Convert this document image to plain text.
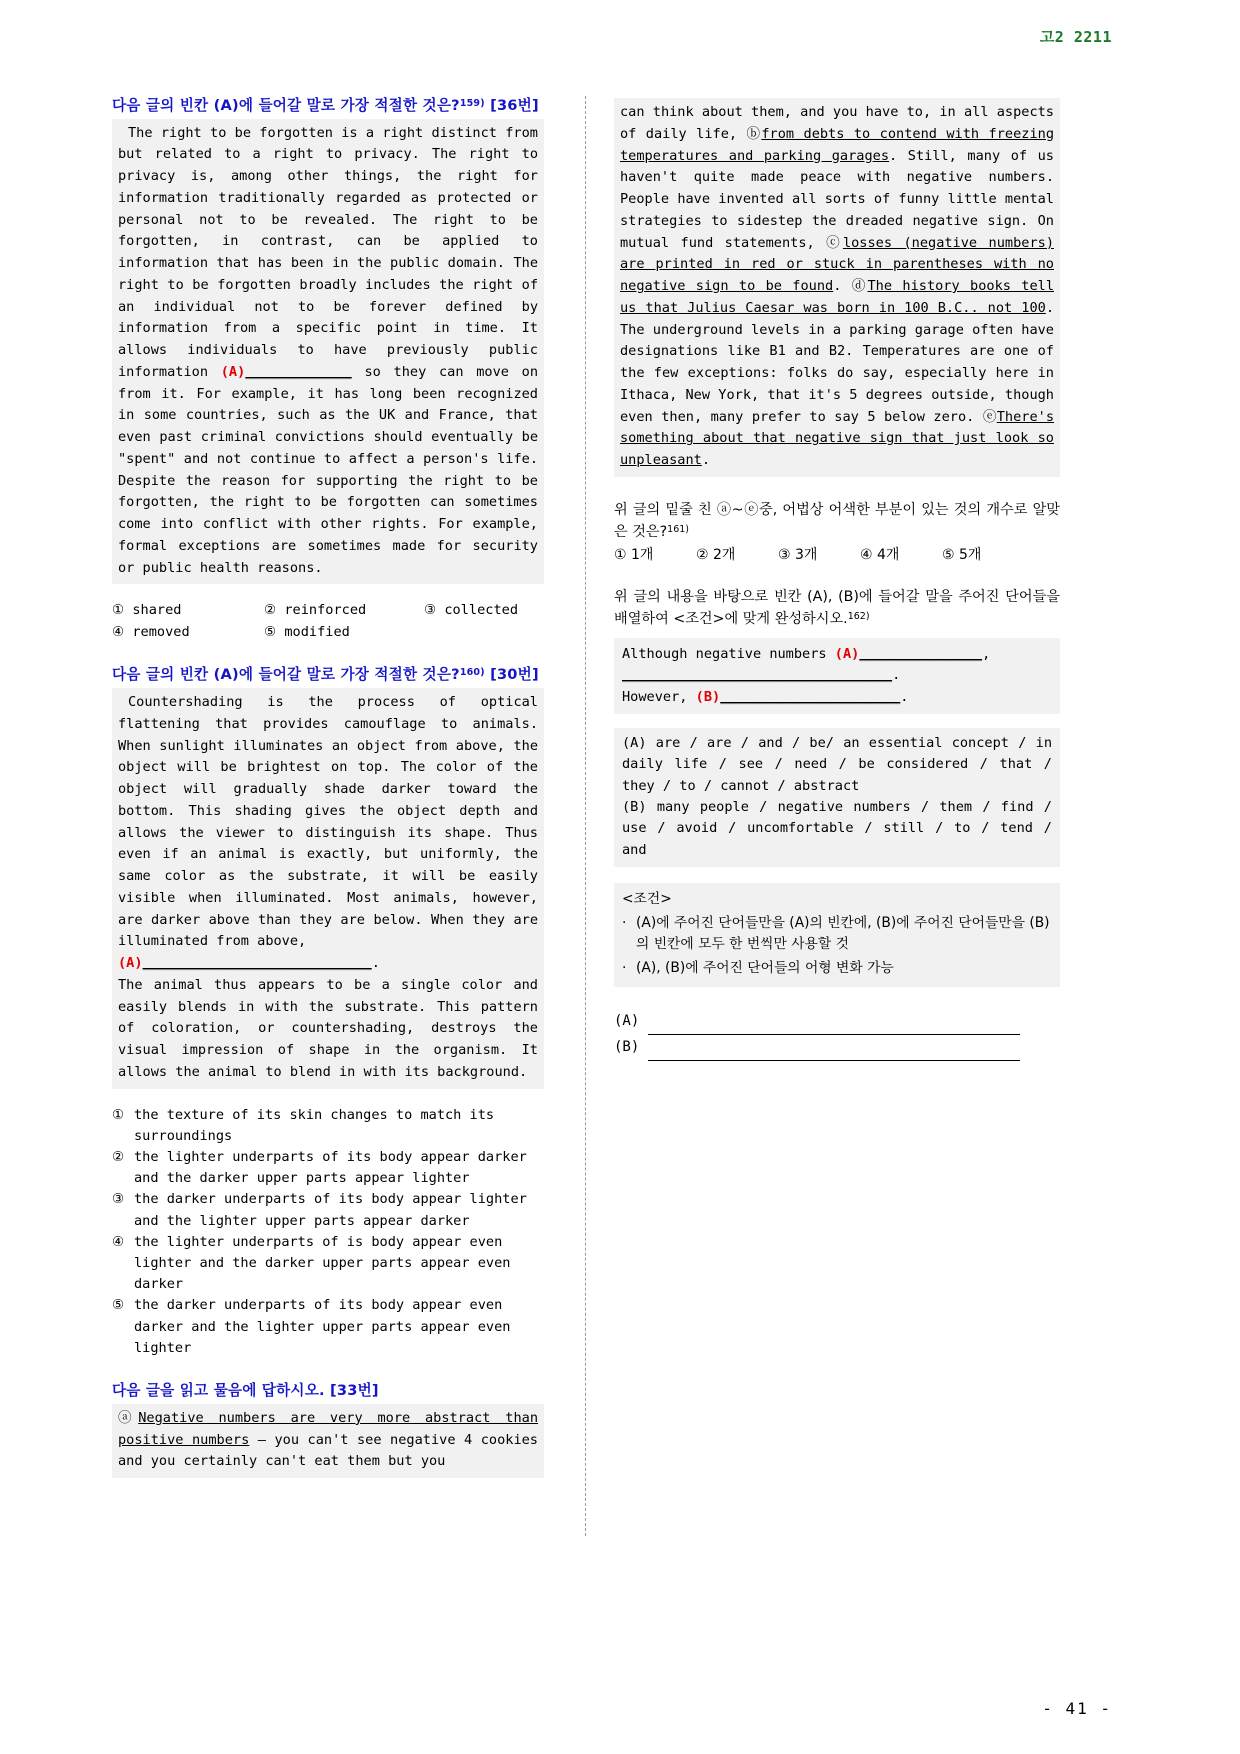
고2 2211
다음 글의 빈칸 (A)에 들어갈 말로 가장 적절한 것은?$^{159)}$ [36번]
The right to be forgotten is a right distinct from but related to a right to privacy. The right to privacy is, among other things, the right for information traditionally regarded as protected or personal not to be revealed. The right to be forgotten, in contrast, can be applied to information that has been in the public domain. The right to be forgotten broadly includes the right of an individual not to be forever defined by information from a specific point in time. It allows individuals to have previously public information (A)_____________ so they can move on from it. For example, it has long been recognized in some countries, such as the UK and France, that even past criminal convictions should eventually be "spent" and not continue to affect a person's life. Despite the reason for supporting the right to be forgotten, the right to be forgotten can sometimes come into conflict with other rights. For example, formal exceptions are sometimes made for security or public health reasons.
① shared	② reinforced	③ collected
④ removed	⑤ modified
다음 글의 빈칸 (A)에 들어갈 말로 가장 적절한 것은?$^{160)}$ [30번]
Countershading is the process of optical flattening that provides camouflage to animals. When sunlight illuminates an object from above, the object will be brightest on top. The color of the object will gradually shade darker toward the bottom. This shading gives the object depth and allows the viewer to distinguish its shape. Thus even if an animal is exactly, but uniformly, the same color as the substrate, it will be easily visible when illuminated. Most animals, however, are darker above than they are below. When they are illuminated from above,
(A)____________________________.
The animal thus appears to be a single color and easily blends in with the substrate. This pattern of coloration, or countershading, destroys the visual impression of shape in the organism. It allows the animal to blend in with its background.
① the texture of its skin changes to match its surroundings
② the lighter underparts of its body appear darker and the darker upper parts appear lighter
③ the darker underparts of its body appear lighter and the lighter upper parts appear darker
④ the lighter underparts of is body appear even lighter and the darker upper parts appear even darker
⑤ the darker underparts of its body appear even darker and the lighter upper parts appear even lighter
다음 글을 읽고 물음에 답하시오. [33번]
ⓐNegative numbers are very more abstract than positive numbers — you can't see negative 4 cookies and you certainly can't eat them but you
can think about them, and you have to, in all aspects of daily life, ⓑfrom debts to contend with freezing temperatures and parking garages. Still, many of us haven't quite made peace with negative numbers. People have invented all sorts of funny little mental strategies to sidestep the dreaded negative sign. On mutual fund statements, ⓒlosses (negative numbers) are printed in red or stuck in parentheses with no negative sign to be found. ⓓThe history books tell us that Julius Caesar was born in 100 B.C.. not 100. The underground levels in a parking garage often have designations like B1 and B2. Temperatures are one of the few exceptions: folks do say, especially here in Ithaca, New York, that it's 5 degrees outside, though even then, many prefer to say 5 below zero. ⓔThere's something about that negative sign that just look so unpleasant.
위 글의 밑줄 친 ⓐ~ⓔ중, 어법상 어색한 부분이 있는 것의 개수로 알맞은 것은?$^{161)}$
① 1개	② 2개	③ 3개	④ 4개	⑤ 5개
위 글의 내용을 바탕으로 빈칸 (A), (B)에 들어갈 말을 주어진 단어들을 배열하여 <조건>에 맞게 완성하시오.$^{162)}$
Although negative numbers (A)_______________,
_________________________________.
However, (B)______________________.
(A) are / are / and / be/ an essential concept / in daily life / see / need / be considered / that / they / to / cannot / abstract
(B) many people / negative numbers / them / find / use / avoid / uncomfortable / still / to / tend / and
<조건>
· (A)에 주어진 단어들만을 (A)의 빈칸에, (B)에 주어진 단어들만을 (B)의 빈칸에 모두 한 번씩만 사용할 것
· (A), (B)에 주어진 단어들의 어형 변화 가능
(A)
(B)
- 41 -
